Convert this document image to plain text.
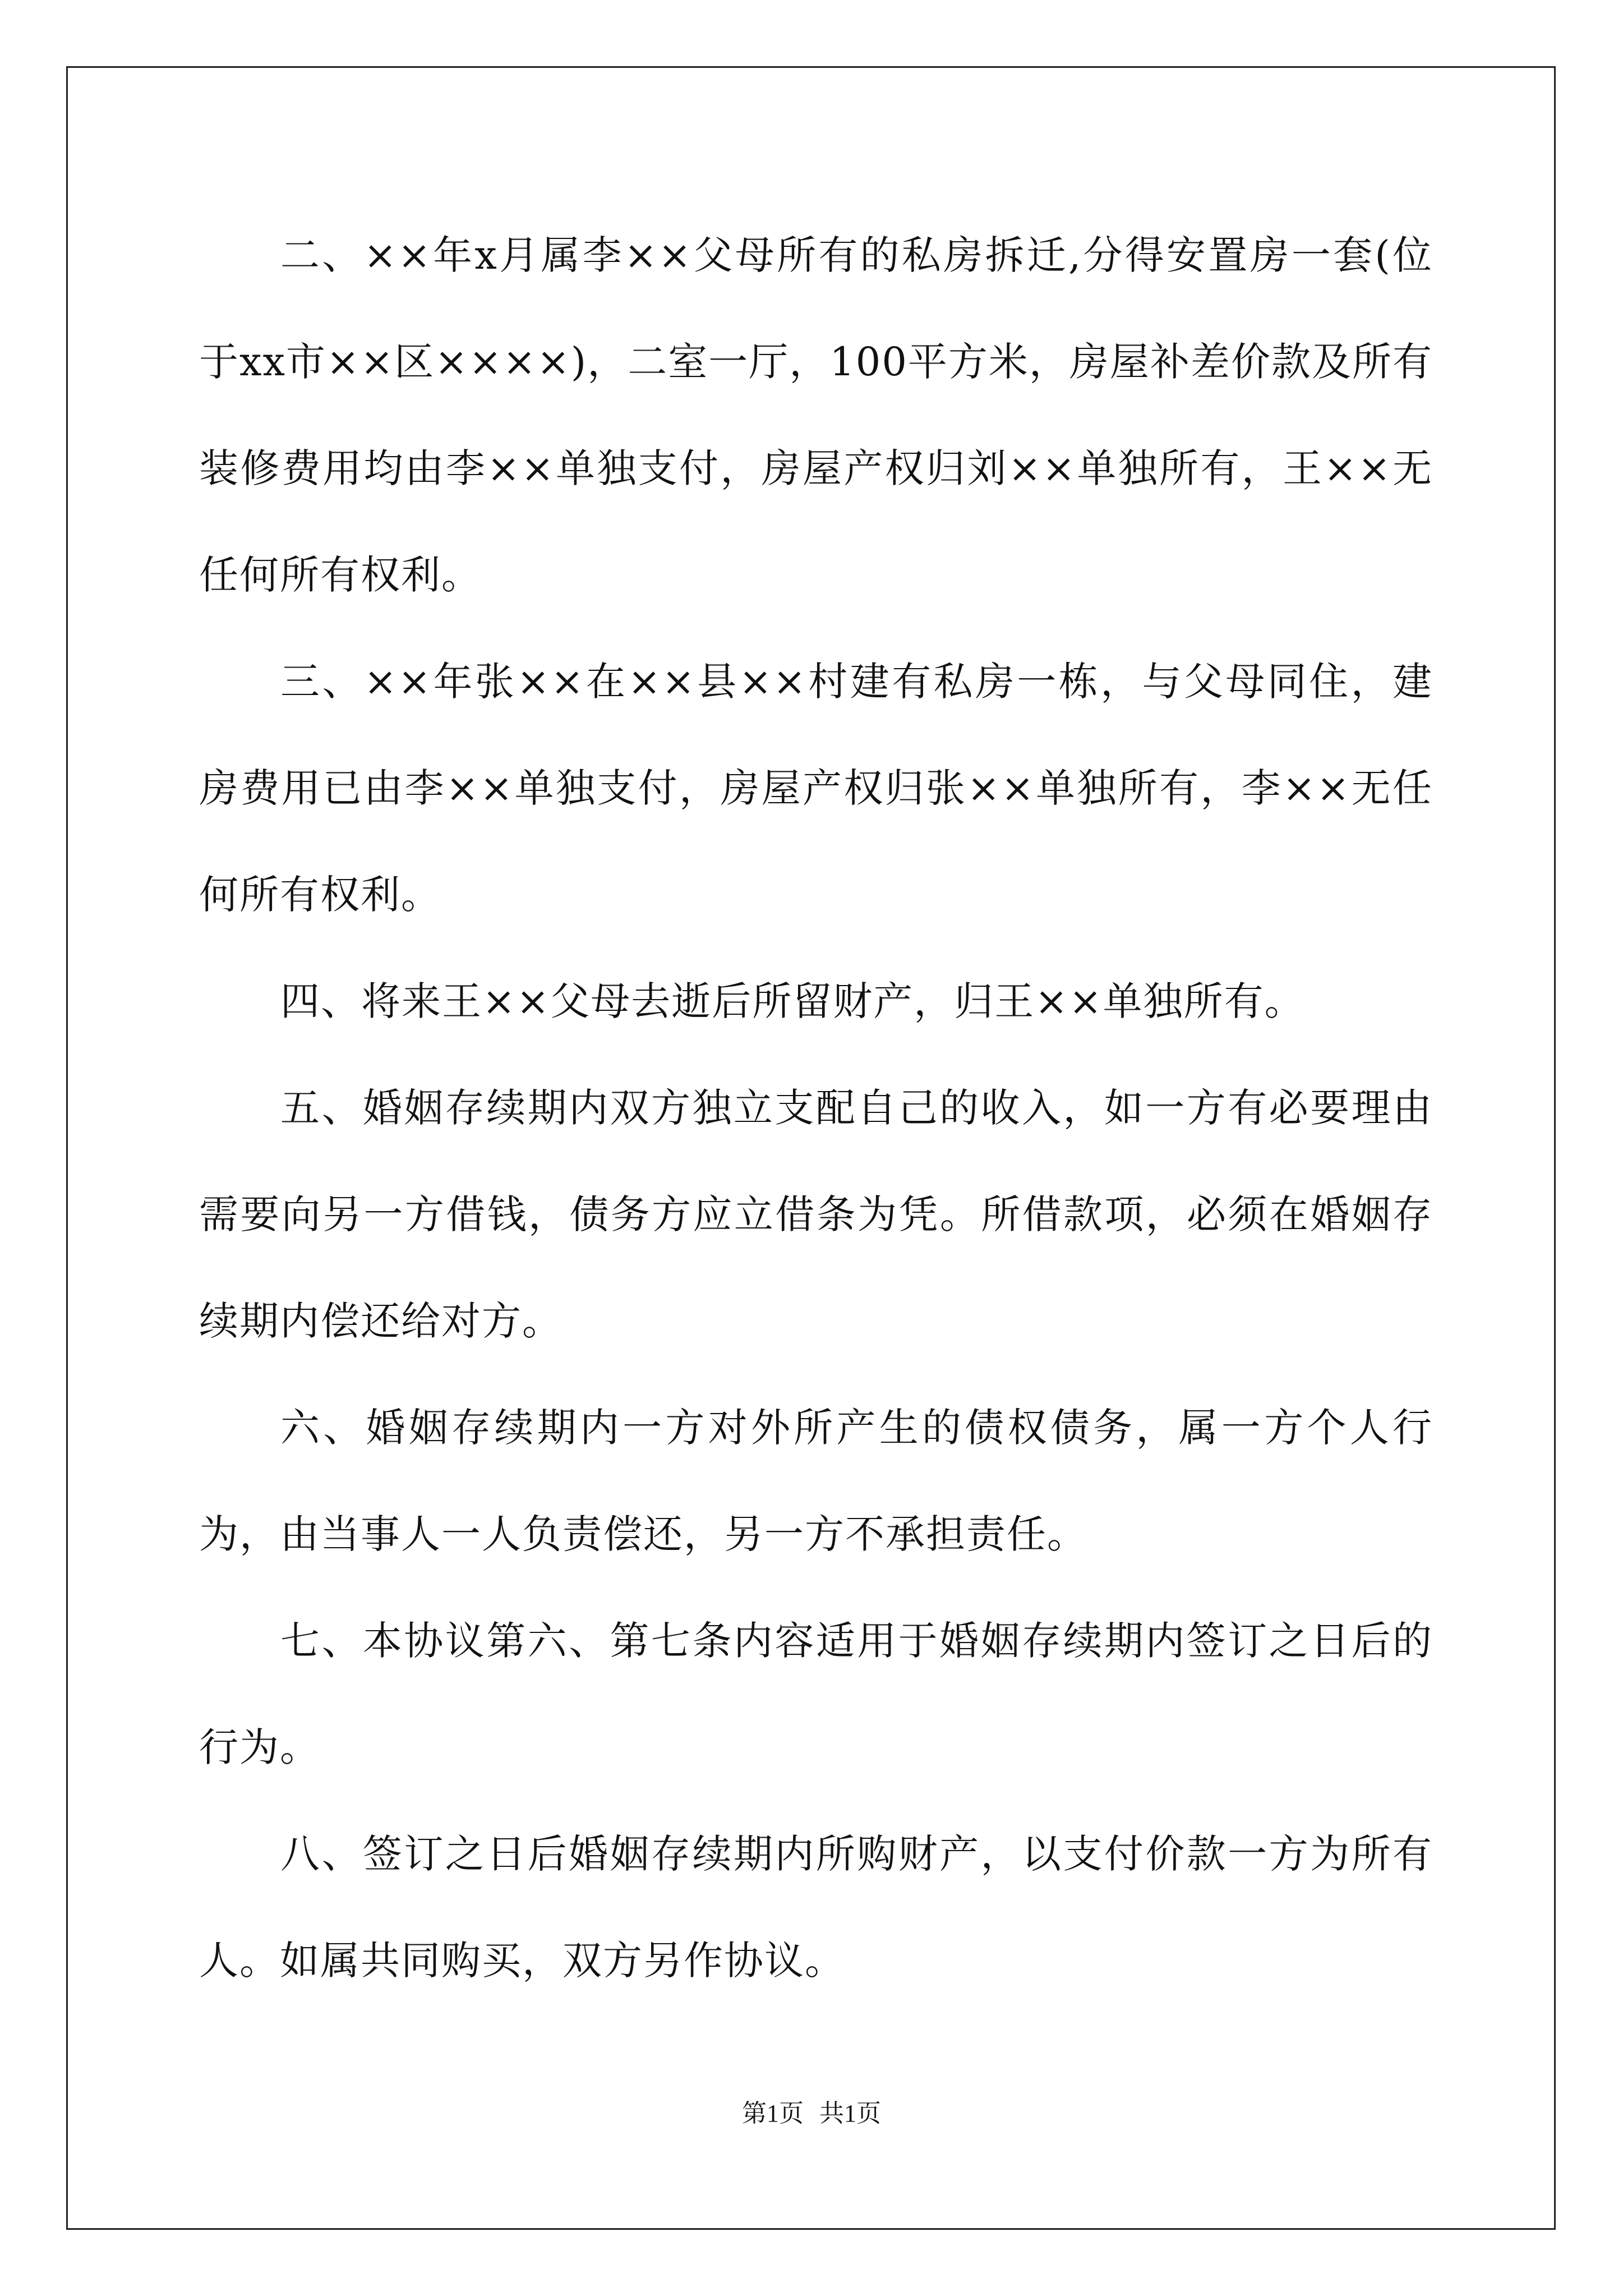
二、××年x月属李××父母所有的私房拆迁,分得安置房一套(位于xx市××区××××)，二室一厅，100平方米，房屋补差价款及所有装修费用均由李××单独支付，房屋产权归刘××单独所有，王××无任何所有权利。

三、××年张××在××县××村建有私房一栋，与父母同住，建房费用已由李××单独支付，房屋产权归张××单独所有，李××无任何所有权利。

四、将来王××父母去逝后所留财产，归王××单独所有。

五、婚姻存续期内双方独立支配自己的收入，如一方有必要理由需要向另一方借钱，债务方应立借条为凭。所借款项，必须在婚姻存续期内偿还给对方。

六、婚姻存续期内一方对外所产生的债权债务，属一方个人行为，由当事人一人负责偿还，另一方不承担责任。

七、本协议第六、第七条内容适用于婚姻存续期内签订之日后的行为。

八、签订之日后婚姻存续期内所购财产，以支付价款一方为所有人。如属共同购买，双方另作协议。

第1页 共1页
